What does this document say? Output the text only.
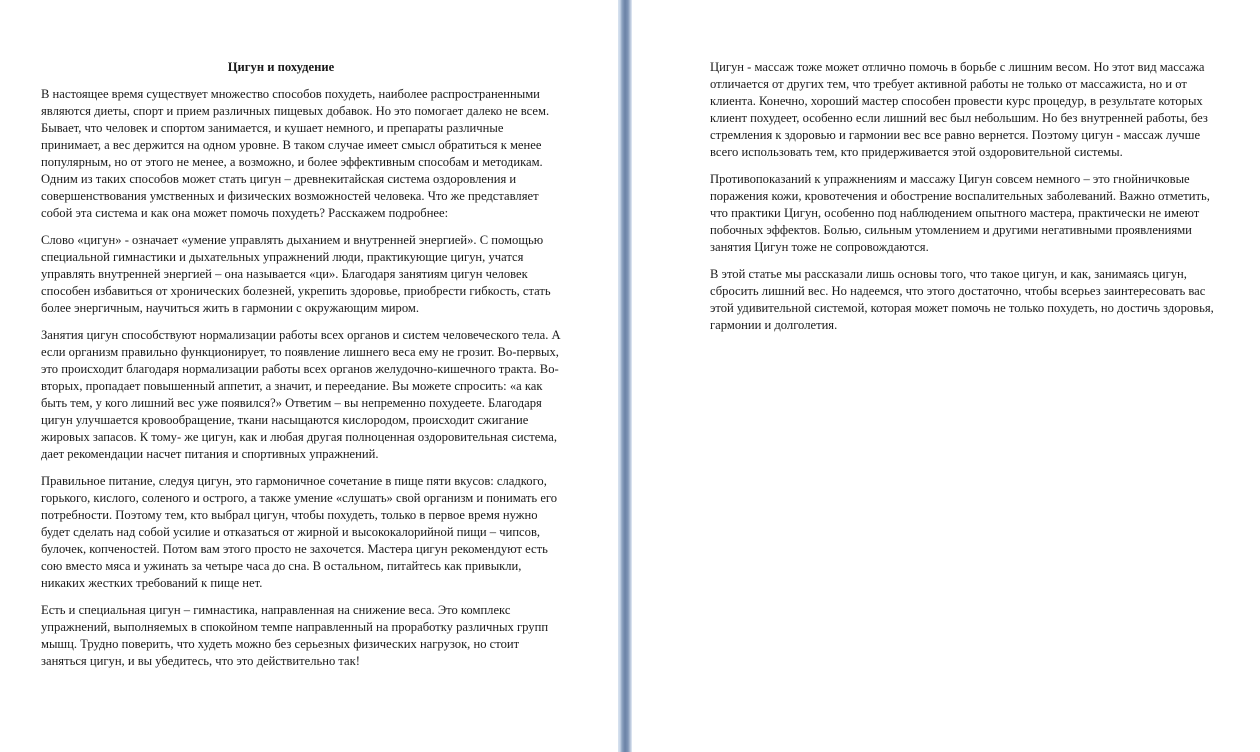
Цигун и похудение

В настоящее время существует множество способов похудеть, наиболее распространенными являются диеты, спорт и прием различных пищевых добавок. Но это помогает далеко не всем. Бывает, что человек и спортом занимается, и кушает немного, и препараты различные принимает, а вес держится на одном уровне. В таком случае имеет смысл обратиться к менее популярным, но от этого не менее, а возможно, и более эффективным способам и методикам. Одним из таких способов может стать цигун – древнекитайская система оздоровления и совершенствования умственных и физических возможностей человека. Что же представляет собой эта система и как она может помочь похудеть? Расскажем подробнее:

Слово «цигун» - означает «умение управлять дыханием и внутренней энергией». С помощью специальной гимнастики и дыхательных упражнений люди, практикующие цигун, учатся управлять внутренней энергией – она называется «ци». Благодаря занятиям цигун человек способен избавиться от хронических болезней, укрепить здоровье, приобрести гибкость, стать более энергичным, научиться жить в гармонии с окружающим миром.

Занятия цигун способствуют нормализации работы всех органов и систем человеческого тела. А если организм правильно функционирует, то появление лишнего веса ему не грозит. Во-первых, это происходит благодаря нормализации работы всех органов желудочно-кишечного тракта. Во-вторых, пропадает повышенный аппетит, а значит, и переедание. Вы можете спросить: «а как быть тем, у кого лишний вес уже появился?» Ответим – вы непременно похудеете. Благодаря цигун улучшается кровообращение, ткани насыщаются кислородом, происходит сжигание жировых запасов. К тому- же цигун, как и любая другая полноценная оздоровительная система, дает рекомендации насчет питания и спортивных упражнений.

Правильное питание, следуя цигун, это гармоничное сочетание в пище пяти вкусов: сладкого, горького, кислого, соленого и острого, а также умение «слушать» свой организм и понимать его потребности. Поэтому тем, кто выбрал цигун, чтобы похудеть, только в первое время нужно будет сделать над собой усилие и отказаться от жирной и высококалорийной пищи – чипсов, булочек, копченостей. Потом вам этого просто не захочется. Мастера цигун рекомендуют есть сою вместо мяса и ужинать за четыре часа до сна. В остальном, питайтесь как привыкли, никаких жестких требований к пище нет.

Есть и специальная цигун – гимнастика, направленная на снижение веса. Это комплекс упражнений, выполняемых в спокойном темпе направленный на проработку различных групп мышц. Трудно поверить, что худеть можно без серьезных физических нагрузок, но стоит заняться цигун, и вы убедитесь, что это действительно так!

Цигун - массаж тоже может отлично помочь в борьбе с лишним весом. Но этот вид массажа отличается от других тем, что требует активной работы не только от массажиста, но и от клиента. Конечно, хороший мастер способен провести курс процедур, в результате которых клиент похудеет, особенно если лишний вес был небольшим. Но без внутренней работы, без стремления к здоровью и гармонии вес все равно вернется. Поэтому цигун - массаж лучше всего использовать тем, кто придерживается этой оздоровительной системы.

Противопоказаний к упражнениям и массажу Цигун совсем немного – это гнойничковые поражения кожи, кровотечения и обострение воспалительных заболеваний. Важно отметить, что практики Цигун, особенно под наблюдением опытного мастера, практически не имеют побочных эффектов. Болью, сильным утомлением и другими негативными проявлениями занятия Цигун тоже не сопровождаются.

В этой статье мы рассказали лишь основы того, что такое цигун, и как, занимаясь цигун, сбросить лишний вес. Но надеемся, что этого достаточно, чтобы всерьез заинтересовать вас этой удивительной системой, которая может помочь не только похудеть, но достичь здоровья, гармонии и долголетия.
